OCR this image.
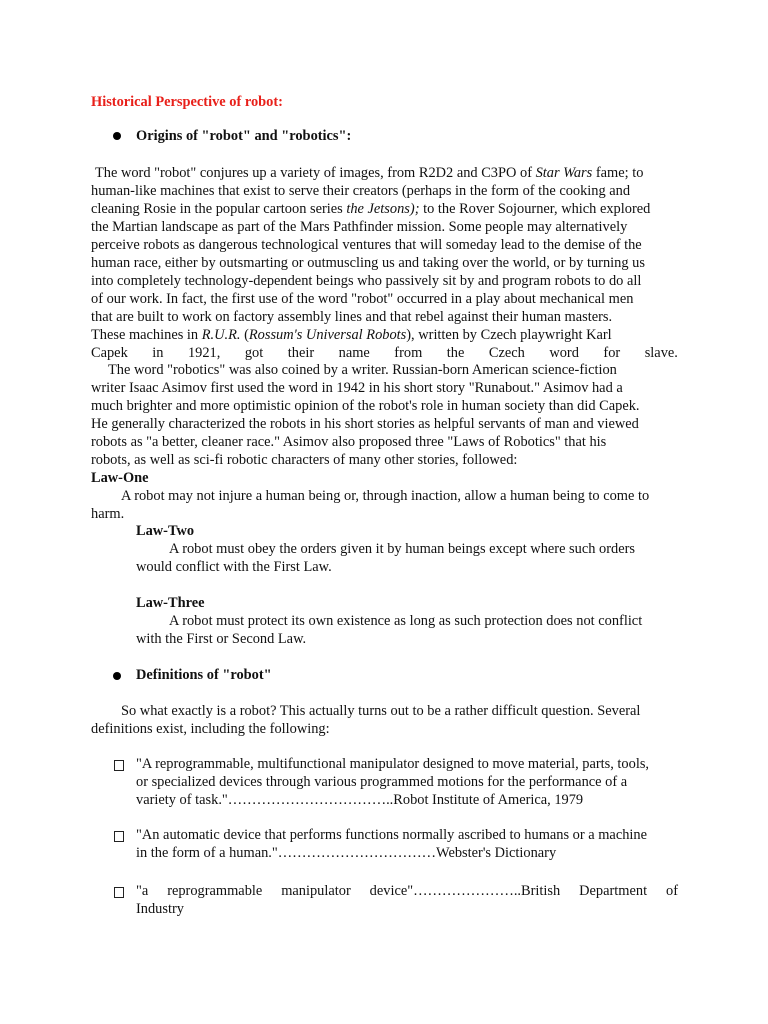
Historical Perspective of robot:
Origins of "robot" and "robotics":
The word "robot" conjures up a variety of images, from R2D2 and C3PO of Star Wars fame; to
human-like machines that exist to serve their creators (perhaps in the form of the cooking and
cleaning Rosie in the popular cartoon series the Jetsons); to the Rover Sojourner, which explored
the Martian landscape as part of the Mars Pathfinder mission. Some people may alternatively
perceive robots as dangerous technological ventures that will someday lead to the demise of the
human race, either by outsmarting or outmuscling us and taking over the world, or by turning us
into completely technology-dependent beings who passively sit by and program robots to do all
of our work. In fact, the first use of the word "robot" occurred in a play about mechanical men
that are built to work on factory assembly lines and that rebel against their human masters.
These machines in R.U.R. (Rossum's Universal Robots), written by Czech playwright Karl
Capek in 1921, got their name from the Czech word for slave.
The word "robotics" was also coined by a writer. Russian-born American science-fiction
writer Isaac Asimov first used the word in 1942 in his short story "Runabout." Asimov had a
much brighter and more optimistic opinion of the robot's role in human society than did Capek.
He generally characterized the robots in his short stories as helpful servants of man and viewed
robots as "a better, cleaner race." Asimov also proposed three "Laws of Robotics" that his
robots, as well as sci-fi robotic characters of many other stories, followed:
Law-One
A robot may not injure a human being or, through inaction, allow a human being to come to
harm.
Law-Two
A robot must obey the orders given it by human beings except where such orders
would conflict with the First Law.
Law-Three
A robot must protect its own existence as long as such protection does not conflict
with the First or Second Law.
Definitions of "robot"
So what exactly is a robot? This actually turns out to be a rather difficult question. Several
definitions exist, including the following:
"A reprogrammable, multifunctional manipulator designed to move material, parts, tools,
or specialized devices through various programmed motions for the performance of a
variety of task."……………………………..Robot Institute of America, 1979
"An automatic device that performs functions normally ascribed to humans or a machine
in the form of a human."……………………………Webster's Dictionary
"a reprogrammable manipulator device"…………………..British Department of
Industry
